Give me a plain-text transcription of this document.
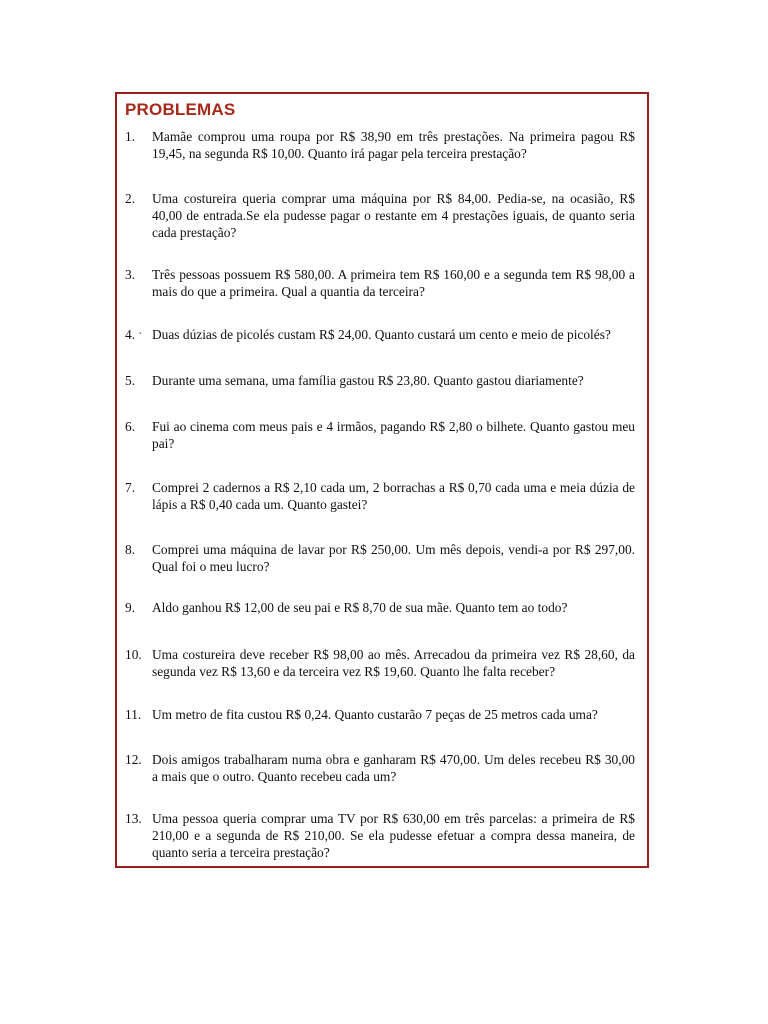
PROBLEMAS
1.	Mamãe comprou uma roupa por R$ 38,90 em três prestações. Na primeira pagou R$ 19,45, na segunda R$ 10,00. Quanto irá pagar pela terceira prestação?
2.	Uma costureira queria comprar uma máquina por R$ 84,00. Pedia-se, na ocasião, R$ 40,00 de entrada.Se ela pudesse pagar o restante em 4 prestações iguais, de quanto seria cada prestação?
3.	Três pessoas possuem R$ 580,00. A primeira tem R$ 160,00 e a segunda tem R$ 98,00 a mais do que a primeira. Qual a quantia da terceira?
4. ˑ Duas dúzias de picolés custam R$ 24,00. Quanto custará um cento e meio de picolés?
5.	Durante uma semana, uma família gastou R$ 23,80. Quanto gastou diariamente?
6.	Fui ao cinema com meus pais e 4 irmãos, pagando R$ 2,80 o bilhete. Quanto gastou meu pai?
7.	Comprei 2 cadernos a R$ 2,10 cada um, 2 borrachas a R$ 0,70 cada uma e meia dúzia de lápis a R$ 0,40 cada um. Quanto gastei?
8.	Comprei uma máquina de lavar por R$ 250,00. Um mês depois, vendi-a por R$ 297,00. Qual foi o meu lucro?
9.	Aldo ganhou R$ 12,00 de seu pai e R$ 8,70 de sua mãe. Quanto tem ao todo?
10. Uma costureira deve receber R$ 98,00 ao mês. Arrecadou da primeira vez R$ 28,60, da segunda vez R$ 13,60 e da terceira vez R$ 19,60. Quanto lhe falta receber?
11. Um metro de fita custou R$ 0,24. Quanto custarão 7 peças de 25 metros cada uma?
12. Dois amigos trabalharam numa obra e ganharam R$ 470,00. Um deles recebeu R$ 30,00 a mais que o outro. Quanto recebeu cada um?
13. Uma pessoa queria comprar uma TV por R$ 630,00 em três parcelas: a primeira de R$ 210,00 e a segunda de R$ 210,00. Se ela pudesse efetuar a compra dessa maneira, de quanto seria a terceira prestação?
